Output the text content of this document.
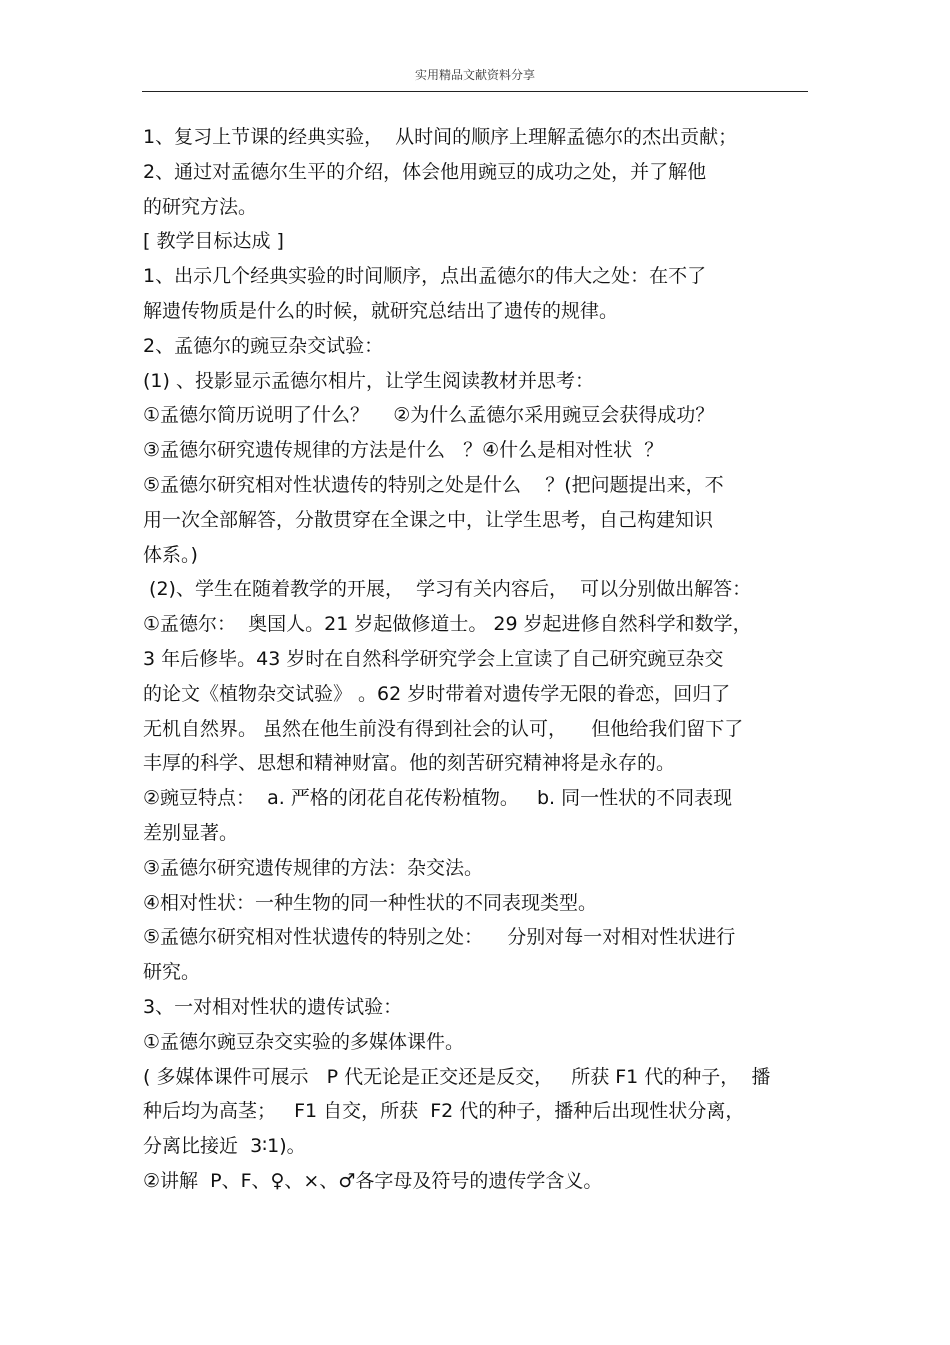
实用精品文献资料分享
1、复习上节课的经典实验，  从时间的顺序上理解孟德尔的杰出贡献；
2、通过对孟德尔生平的介绍，体会他用豌豆的成功之处，并了解他
的研究方法。
[ 教学目标达成 ]
1、出示几个经典实验的时间顺序，点出孟德尔的伟大之处：在不了
解遗传物质是什么的时候，就研究总结出了遗传的规律。
2、孟德尔的豌豆杂交试验：
(1) 、投影显示孟德尔相片，让学生阅读教材并思考：
①孟德尔简历说明了什么？    ②为什么孟德尔采用豌豆会获得成功？
③孟德尔研究遗传规律的方法是什么   ？④什么是相对性状  ？
⑤孟德尔研究相对性状遗传的特别之处是什么    ？(把问题提出来，不
用一次全部解答，分散贯穿在全课之中，让学生思考，自己构建知识
体系。)
(2)、学生在随着教学的开展，  学习有关内容后，  可以分别做出解答：
①孟德尔：  奥国人。21 岁起做修道士。 29 岁起进修自然科学和数学，
3 年后修毕。43 岁时在自然科学研究学会上宣读了自己研究豌豆杂交
的论文《植物杂交试验》 。62 岁时带着对遗传学无限的眷恋，回归了
无机自然界。 虽然在他生前没有得到社会的认可，    但他给我们留下了
丰厚的科学、思想和精神财富。他的刻苦研究精神将是永存的。
②豌豆特点：  a. 严格的闭花自花传粉植物。   b. 同一性状的不同表现
差别显著。
③孟德尔研究遗传规律的方法：杂交法。
④相对性状：一种生物的同一种性状的不同表现类型。
⑤孟德尔研究相对性状遗传的特别之处：    分别对每一对相对性状进行
研究。
3、一对相对性状的遗传试验：
①孟德尔豌豆杂交实验的多媒体课件。
( 多媒体课件可展示   P 代无论是正交还是反交，   所获 F1 代的种子，  播
种后均为高茎；   F1 自交，所获  F2 代的种子，播种后出现性状分离，
分离比接近  3∶1)。
②讲解  P、F、♀、×、♂各字母及符号的遗传学含义。
